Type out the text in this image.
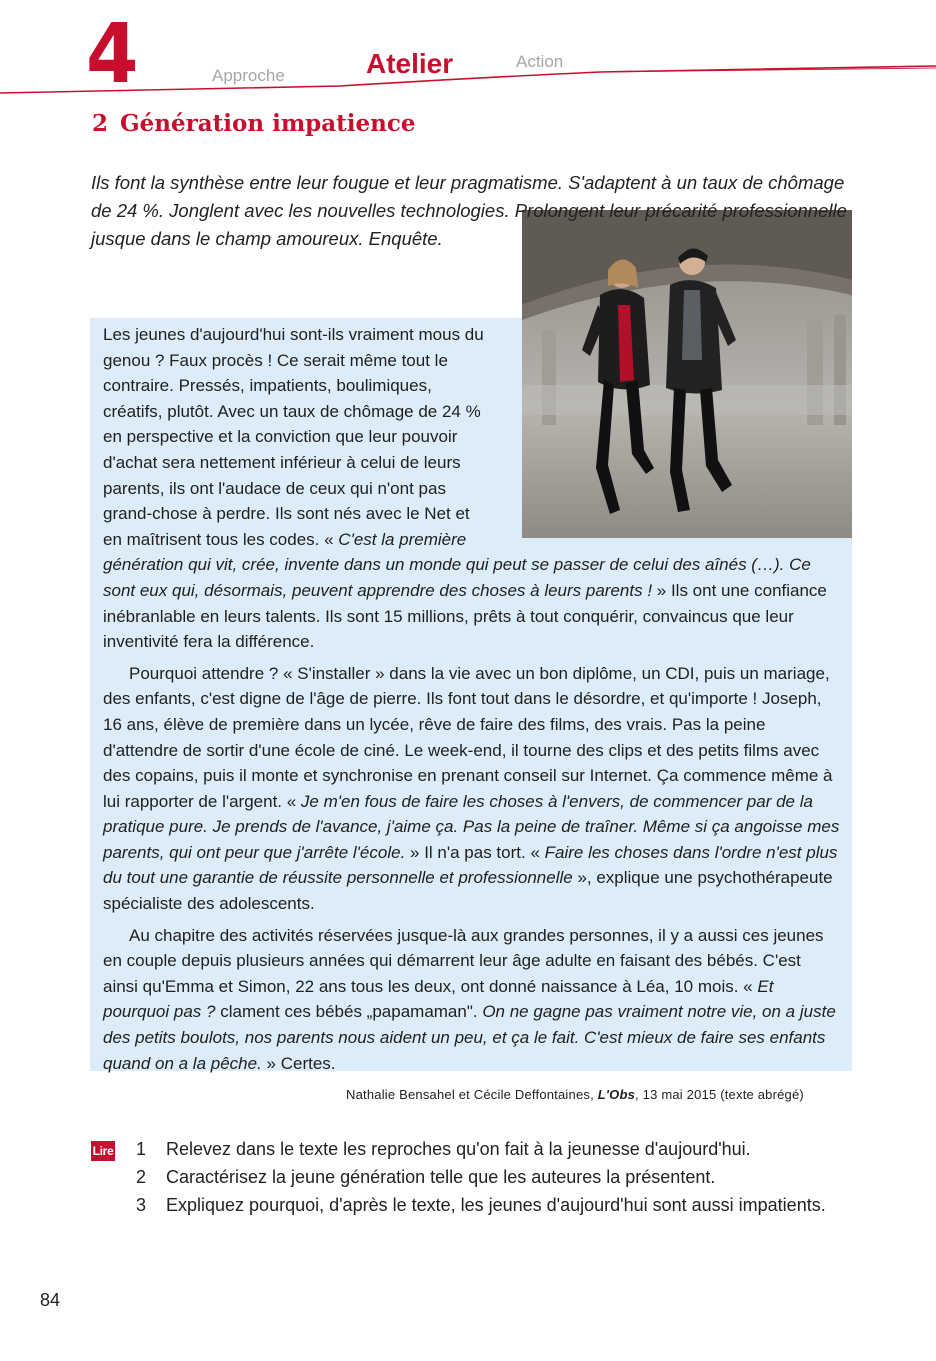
4	Approche	Atelier	Action
2 Génération impatience

Ils font la synthèse entre leur fougue et leur pragmatisme. S'adaptent à un taux de chômage de 24 %. Jonglent avec les nouvelles technologies. Prolongent leur précarité professionnelle jusque dans le champ amoureux. Enquête.

Les jeunes d'aujourd'hui sont-ils vraiment mous du genou ? Faux procès ! Ce serait même tout le contraire. Pressés, impatients, boulimiques, créatifs, plutôt. Avec un taux de chômage de 24 % en perspective et la conviction que leur pouvoir d'achat sera nettement inférieur à celui de leurs parents, ils ont l'audace de ceux qui n'ont pas grand-chose à perdre. Ils sont nés avec le Net et en maîtrisent tous les codes. « C'est la première génération qui vit, crée, invente dans un monde qui peut se passer de celui des aînés (…). Ce sont eux qui, désormais, peuvent apprendre des choses à leurs parents ! » Ils ont une confiance inébranlable en leurs talents. Ils sont 15 millions, prêts à tout conquérir, convaincus que leur inventivité fera la différence.

Pourquoi attendre ? « S'installer » dans la vie avec un bon diplôme, un CDI, puis un mariage, des enfants, c'est digne de l'âge de pierre. Ils font tout dans le désordre, et qu'importe ! Joseph, 16 ans, élève de première dans un lycée, rêve de faire des films, des vrais. Pas la peine d'attendre de sortir d'une école de ciné. Le week-end, il tourne des clips et des petits films avec des copains, puis il monte et synchronise en prenant conseil sur Internet. Ça commence même à lui rapporter de l'argent. « Je m'en fous de faire les choses à l'envers, de commencer par de la pratique pure. Je prends de l'avance, j'aime ça. Pas la peine de traîner. Même si ça angoisse mes parents, qui ont peur que j'arrête l'école. » Il n'a pas tort. « Faire les choses dans l'ordre n'est plus du tout une garantie de réussite personnelle et professionnelle », explique une psychothérapeute spécialiste des adolescents.

Au chapitre des activités réservées jusque-là aux grandes personnes, il y a aussi ces jeunes en couple depuis plusieurs années qui démarrent leur âge adulte en faisant des bébés. C'est ainsi qu'Emma et Simon, 22 ans tous les deux, ont donné naissance à Léa, 10 mois. « Et pourquoi pas ? clament ces bébés „papamaman". On ne gagne pas vraiment notre vie, on a juste des petits boulots, nos parents nous aident un peu, et ça le fait. C'est mieux de faire ses enfants quand on a la pêche. » Certes.

Nathalie Bensahel et Cécile Deffontaines, L'Obs, 13 mai 2015 (texte abrégé)
Lire 1	Relevez dans le texte les reproches qu'on fait à la jeunesse d'aujourd'hui.
2	Caractérisez la jeune génération telle que les auteures la présentent.
3	Expliquez pourquoi, d'après le texte, les jeunes d'aujourd'hui sont aussi impatients.
84
